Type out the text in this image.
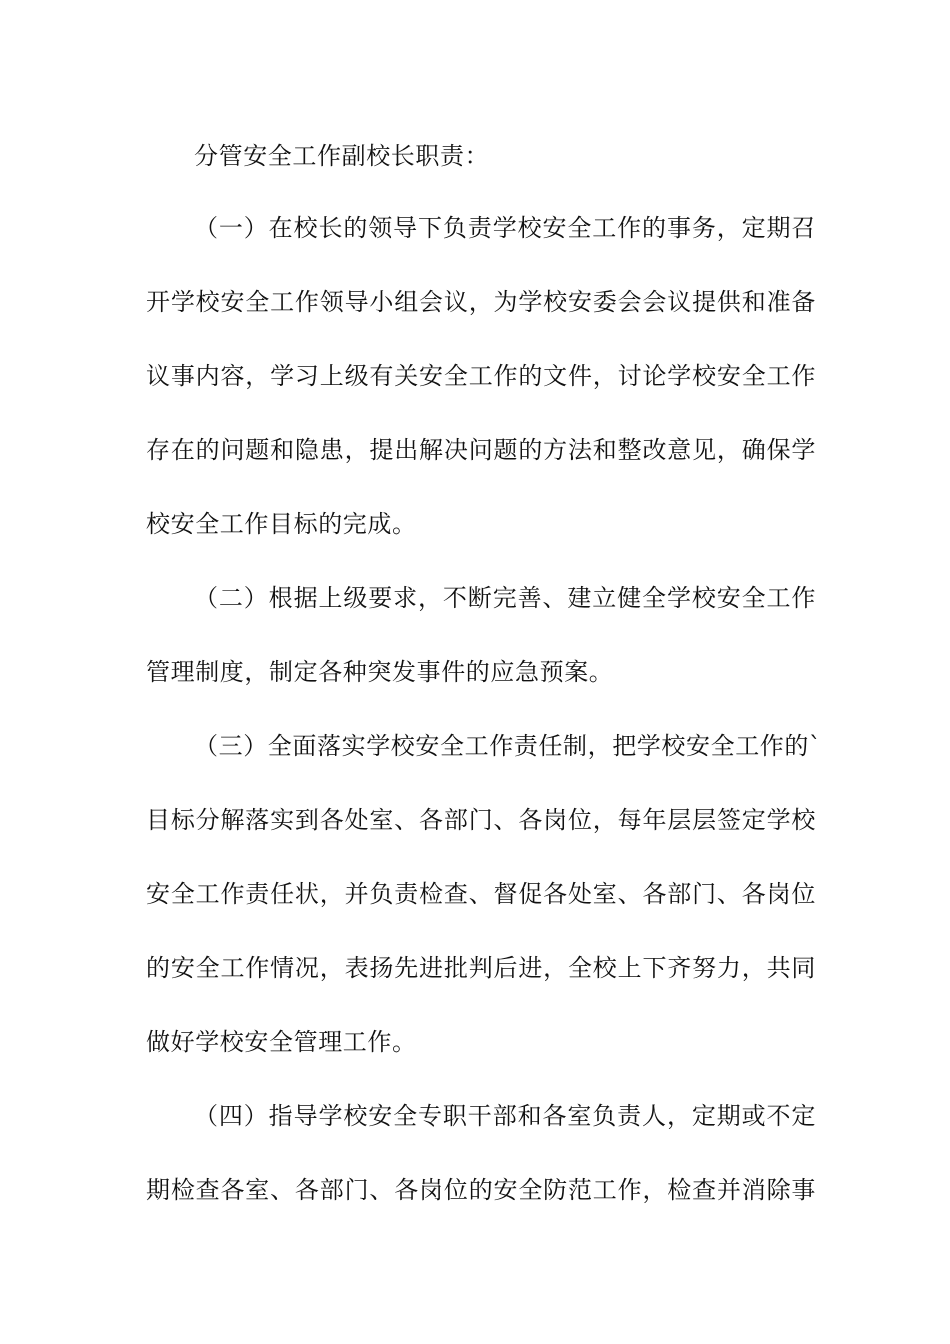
分管安全工作副校长职责：

（一）在校长的领导下负责学校安全工作的事务，定期召

开学校安全工作领导小组会议，为学校安委会会议提供和准备

议事内容，学习上级有关安全工作的文件，讨论学校安全工作

存在的问题和隐患，提出解决问题的方法和整改意见，确保学

校安全工作目标的完成。

（二）根据上级要求，不断完善、建立健全学校安全工作

管理制度，制定各种突发事件的应急预案。

（三）全面落实学校安全工作责任制，把学校安全工作的`

目标分解落实到各处室、各部门、各岗位，每年层层签定学校

安全工作责任状，并负责检查、督促各处室、各部门、各岗位

的安全工作情况，表扬先进批判后进，全校上下齐努力，共同

做好学校安全管理工作。

（四）指导学校安全专职干部和各室负责人，定期或不定

期检查各室、各部门、各岗位的安全防范工作，检查并消除事
